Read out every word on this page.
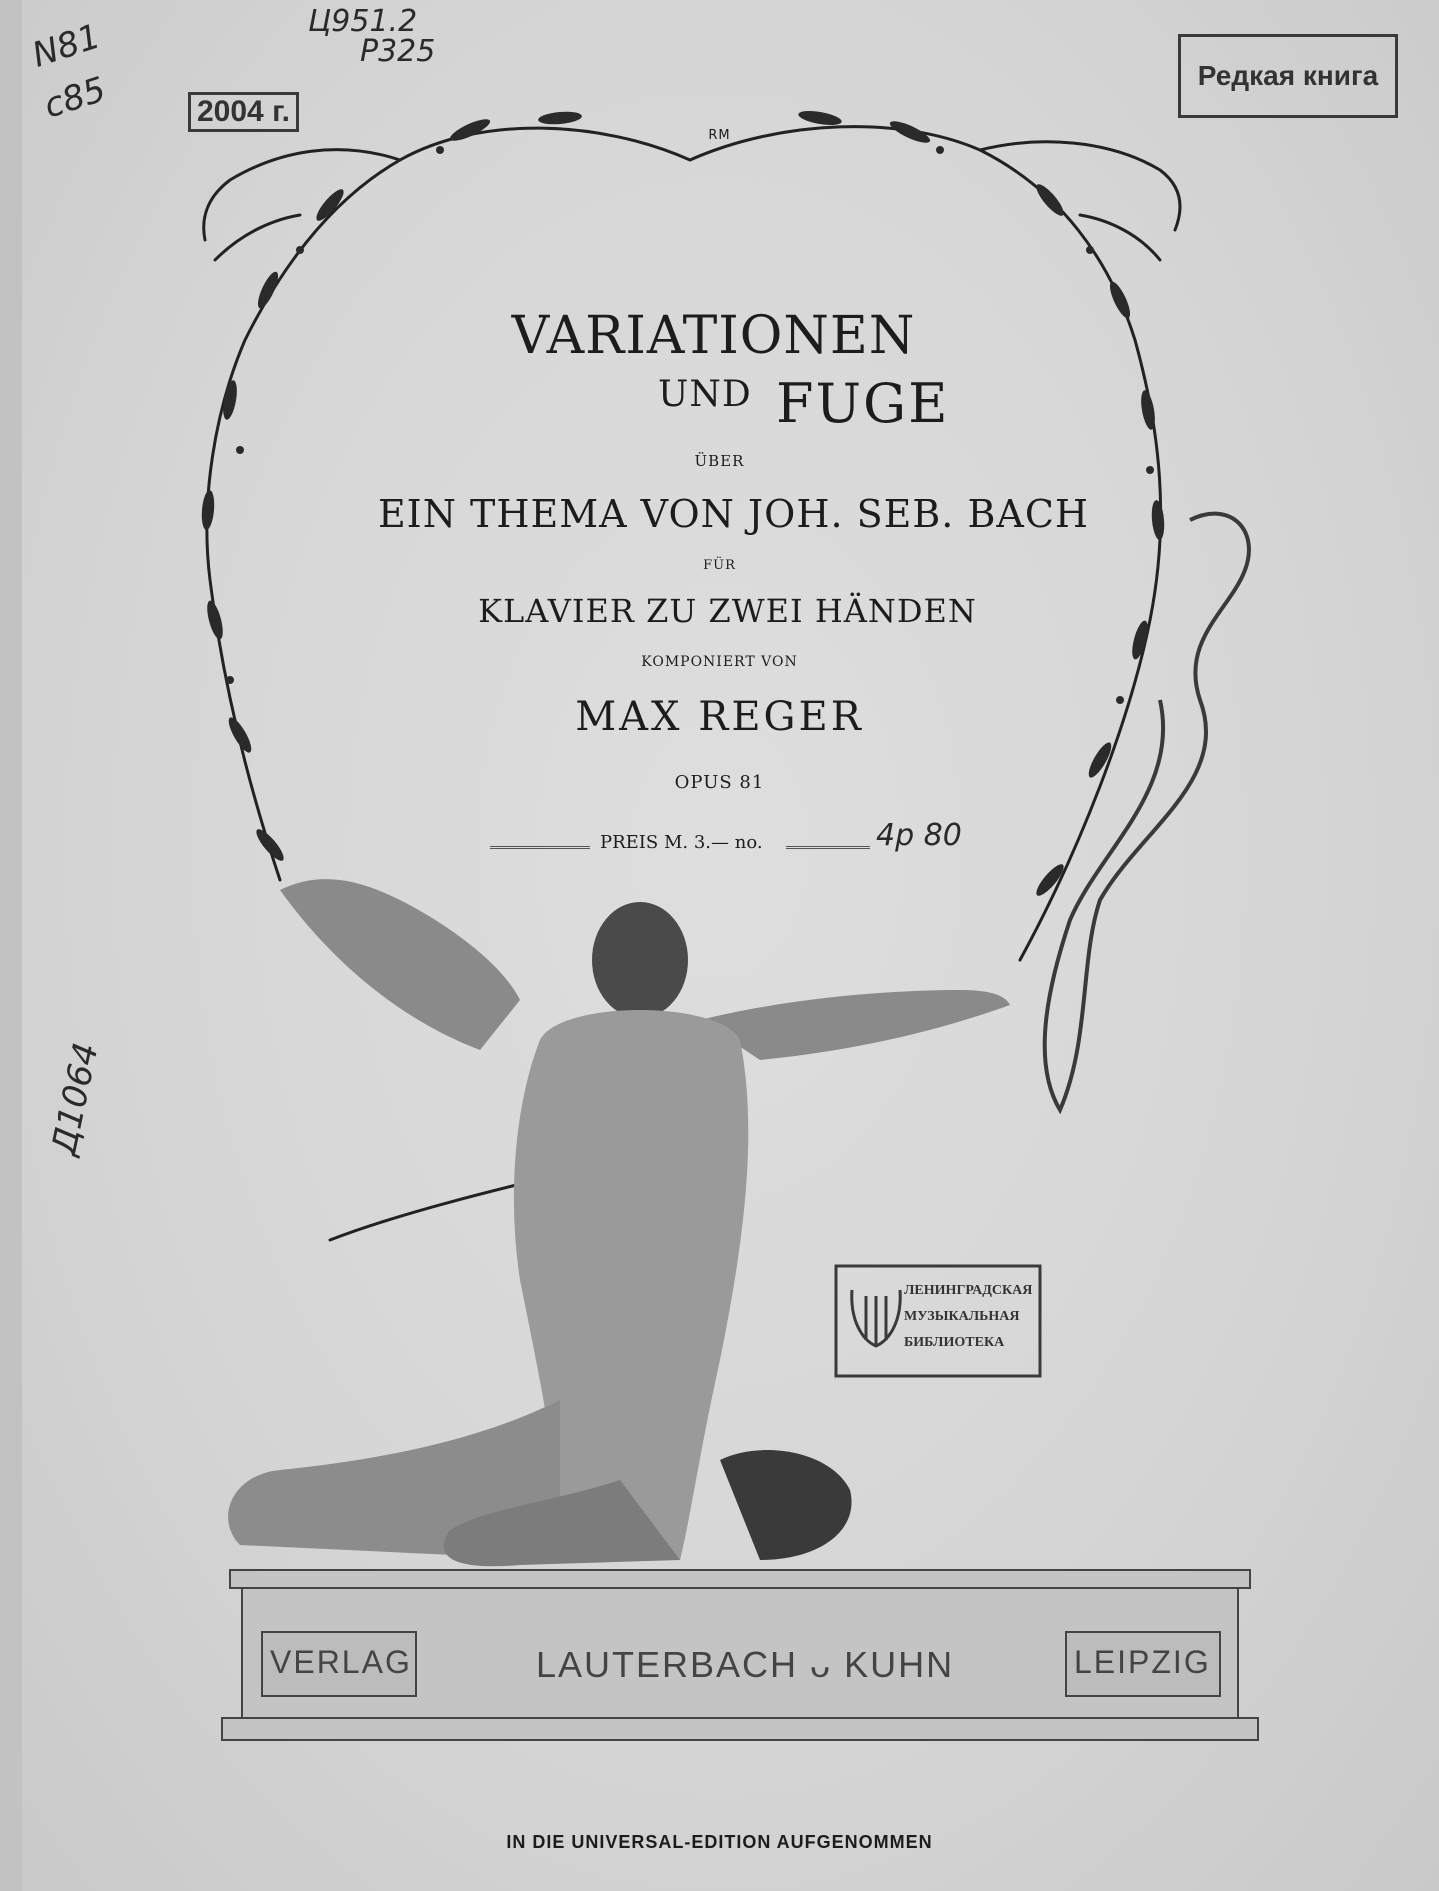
RM
VARIATIONEN
UND FUGE
ÜBER
EIN THEMA VON JOH. SEB. BACH
FÜR
KLAVIER ZU ZWEI HÄNDEN
KOMPONIERT VON
MAX REGER
OPUS 81
PREIS M. 3.— no.	4р 80
VERLAG	LAUTERBACH ᴗ KUHN	LEIPZIG
IN DIE UNIVERSAL-EDITION AUFGENOMMEN
Ц951.2
Р325
N81
с85	2004 г.
Редкая книга
Д1064
ЛЕНИНГРАДСКАЯ
МУЗЫКАЛЬНАЯ
БИБЛИОТЕКА
